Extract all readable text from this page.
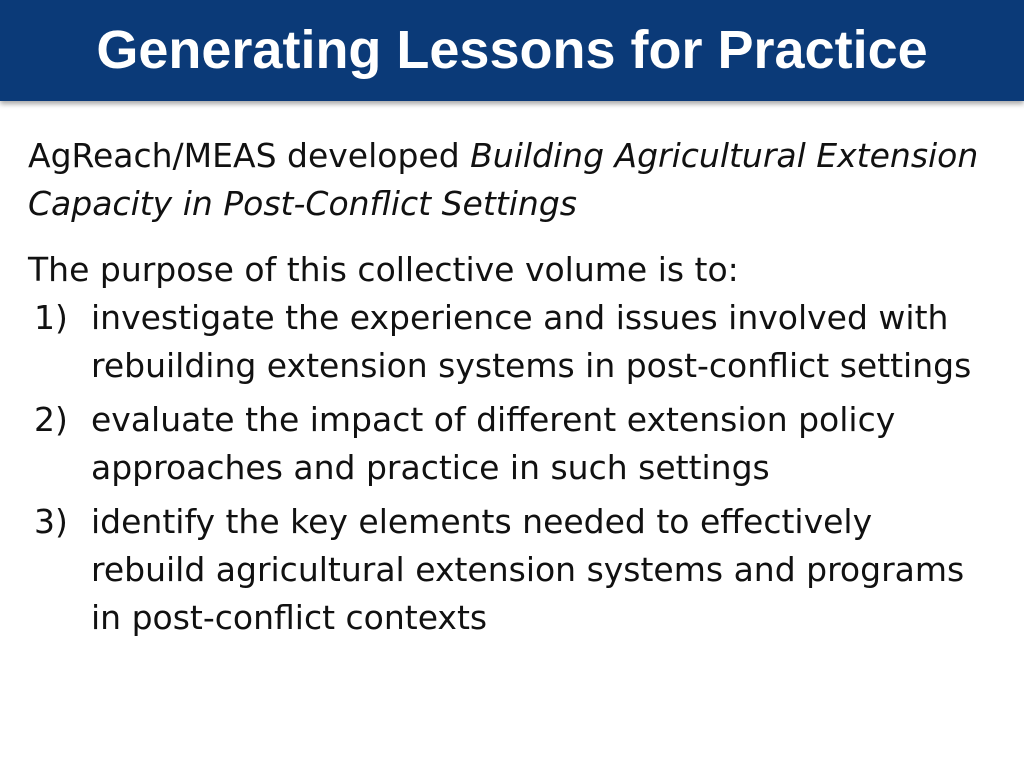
Generating Lessons for Practice

AgReach/MEAS developed Building Agricultural Extension Capacity in Post-Conflict Settings

The purpose of this collective volume is to:

1) investigate the experience and issues involved with rebuilding extension systems in post-conflict settings
2) evaluate the impact of different extension policy approaches and practice in such settings
3) identify the key elements needed to effectively rebuild agricultural extension systems and programs in post-conflict contexts
